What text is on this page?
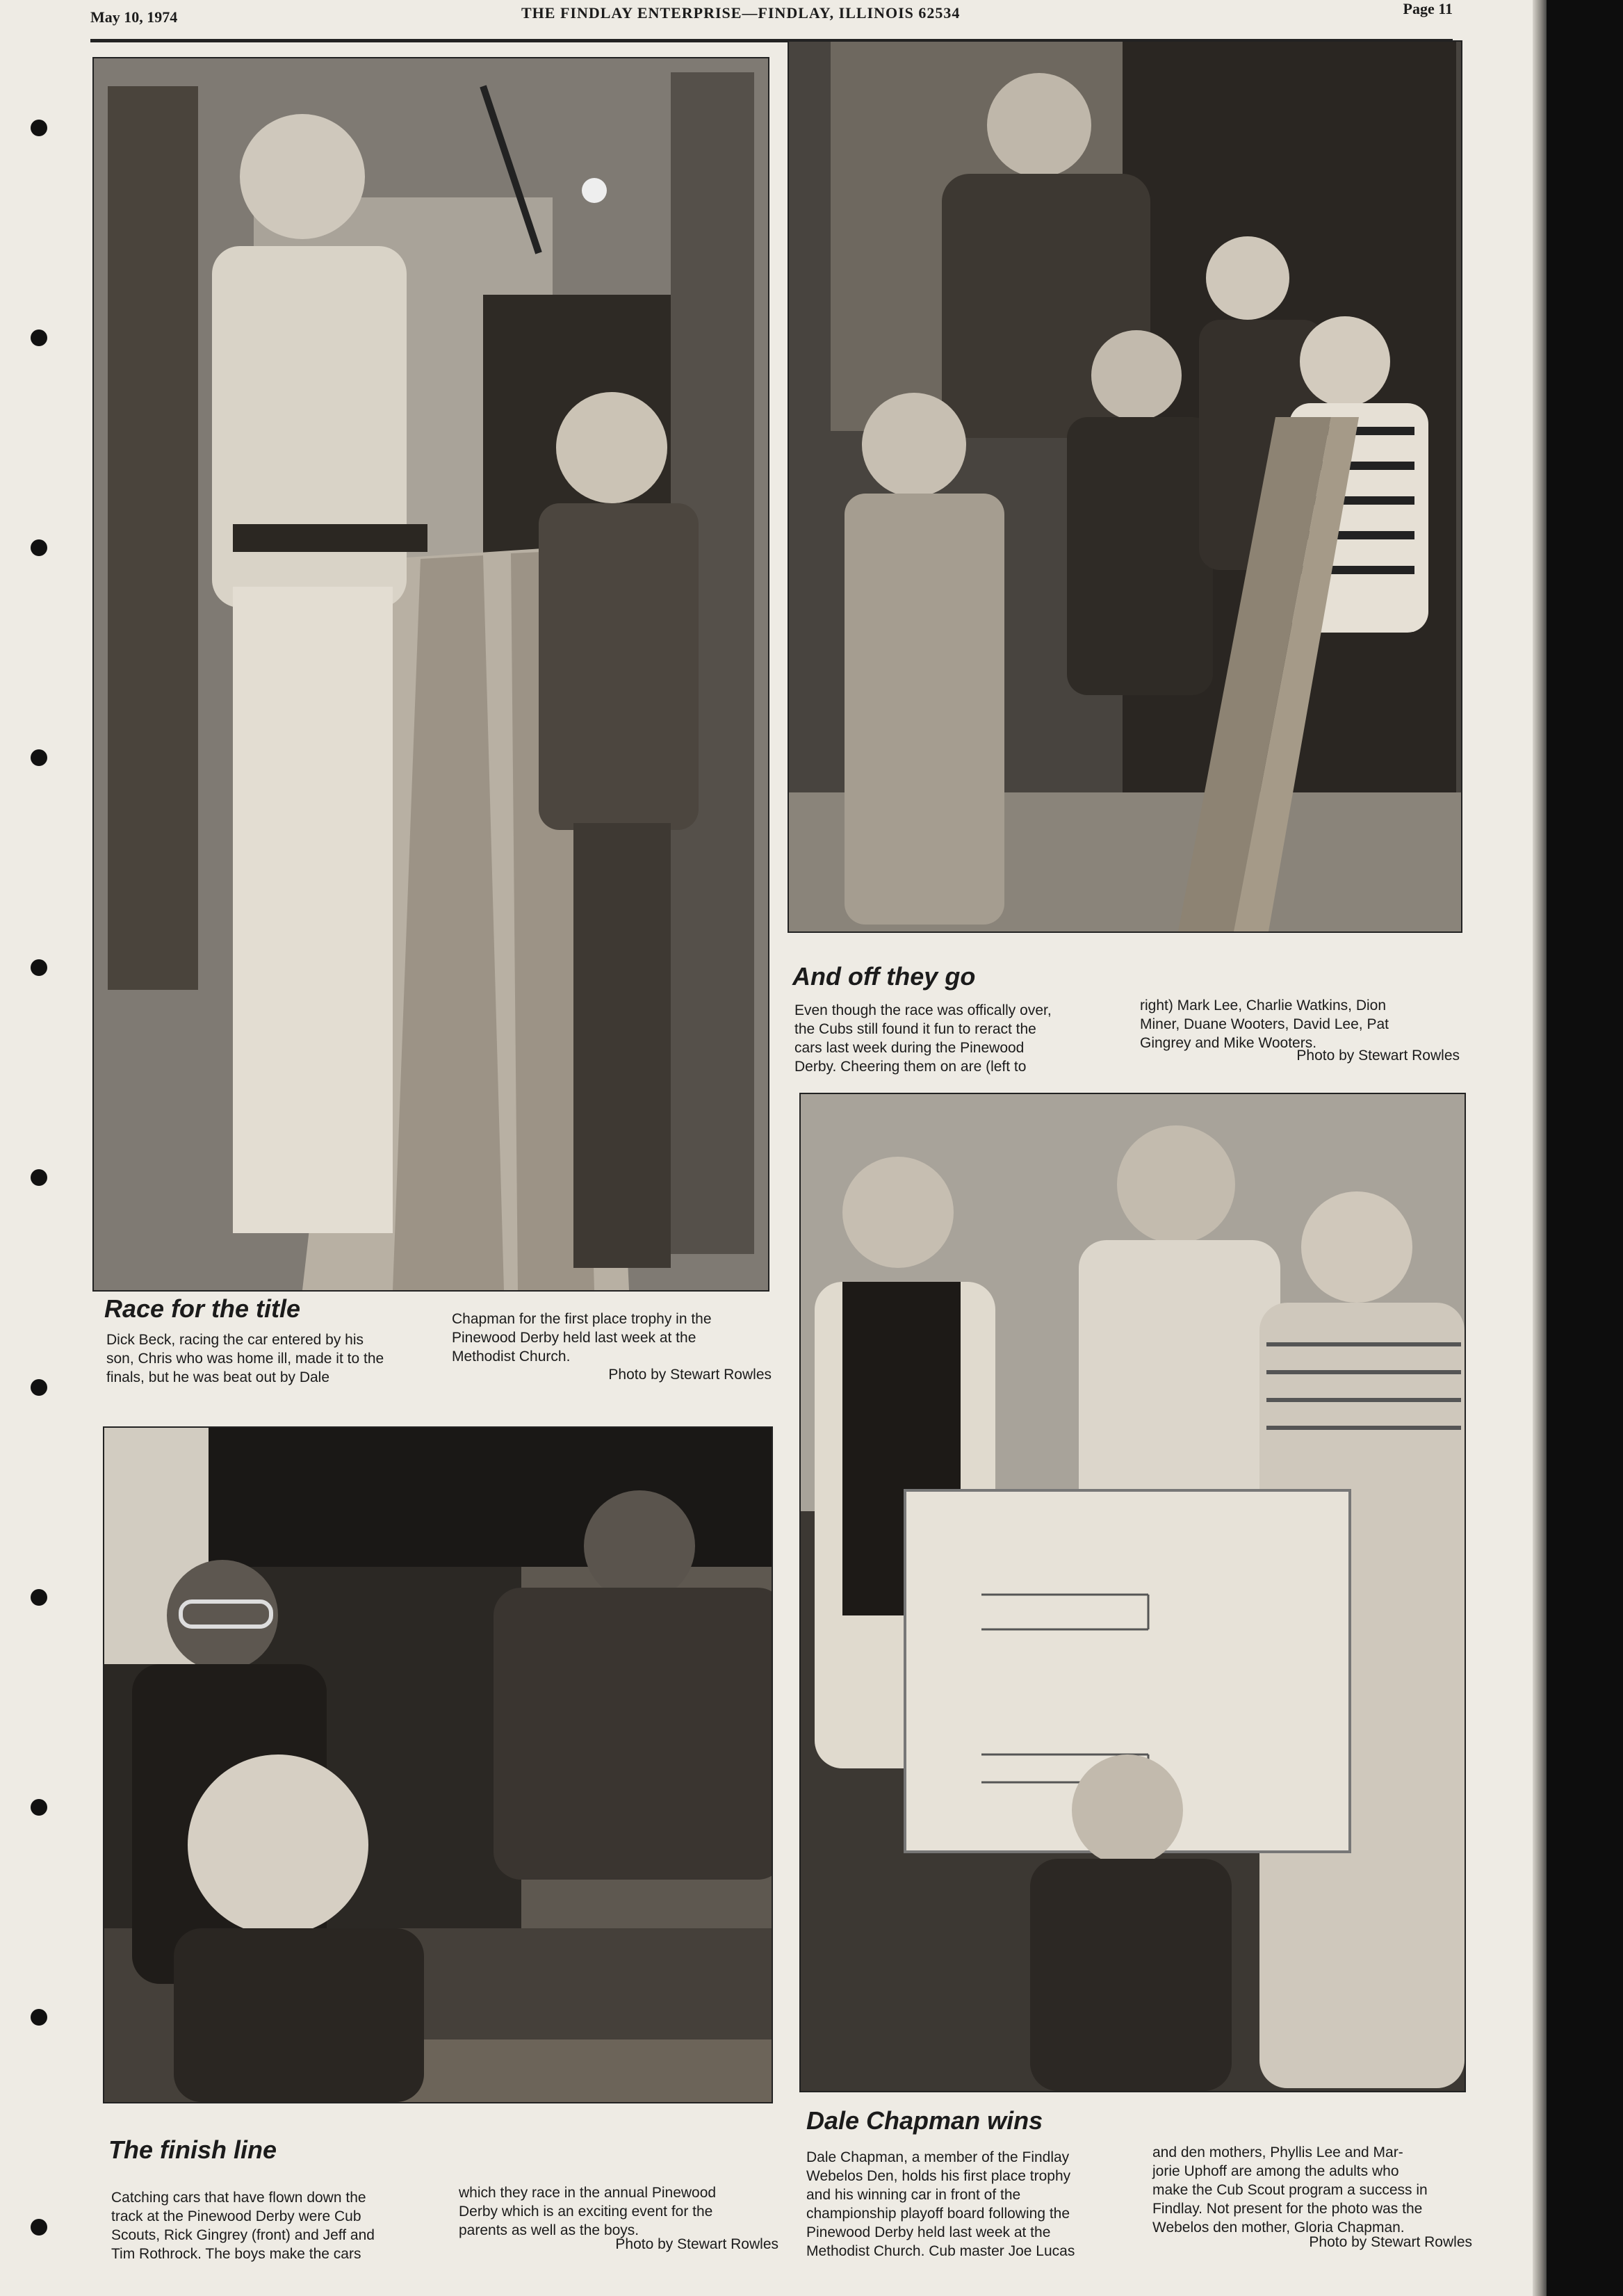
May 10, 1974	THE FINDLAY ENTERPRISE—FINDLAY, ILLINOIS 62534	Page 11
Race for the title
Dick Beck, racing the car entered by his
son, Chris who was home ill, made it to the
finals, but he was beat out by Dale
Chapman for the first place trophy in the
Pinewood Derby held last week at the
Methodist Church.
Photo by Stewart Rowles
And off they go
Even though the race was offically over,
the Cubs still found it fun to reract the
cars last week during the Pinewood
Derby. Cheering them on are (left to
right) Mark Lee, Charlie Watkins, Dion
Miner, Duane Wooters, David Lee, Pat
Gingrey and Mike Wooters.
Photo by Stewart Rowles
The finish line
Catching cars that have flown down the
track at the Pinewood Derby were Cub
Scouts, Rick Gingrey (front) and Jeff and
Tim Rothrock. The boys make the cars
which they race in the annual Pinewood
Derby which is an exciting event for the
parents as well as the boys.
Photo by Stewart Rowles
Dale Chapman wins
Dale Chapman, a member of the Findlay
Webelos Den, holds his first place trophy
and his winning car in front of the
championship playoff board following the
Pinewood Derby held last week at the
Methodist Church. Cub master Joe Lucas
and den mothers, Phyllis Lee and Mar-
jorie Uphoff are among the adults who
make the Cub Scout program a success in
Findlay. Not present for the photo was the
Webelos den mother, Gloria Chapman.
Photo by Stewart Rowles
